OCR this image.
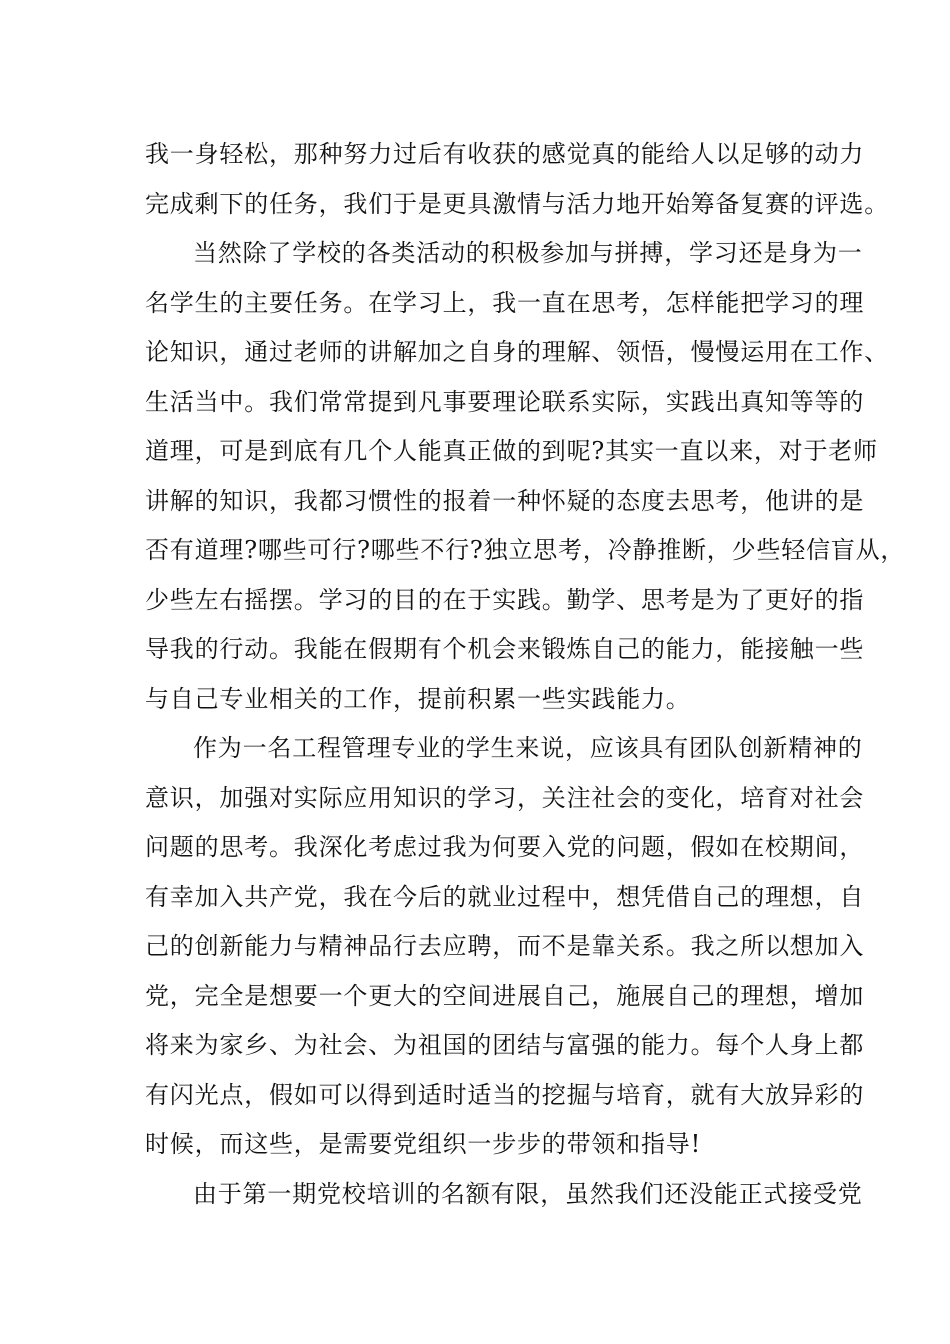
我一身轻松，那种努力过后有收获的感觉真的能给人以足够的动力
完成剩下的任务，我们于是更具激情与活力地开始筹备复赛的评选。
当然除了学校的各类活动的积极参加与拼搏，学习还是身为一
名学生的主要任务。在学习上，我一直在思考，怎样能把学习的理
论知识，通过老师的讲解加之自身的理解、领悟，慢慢运用在工作、
生活当中。我们常常提到凡事要理论联系实际，实践出真知等等的
道理，可是到底有几个人能真正做的到呢?其实一直以来，对于老师
讲解的知识，我都习惯性的报着一种怀疑的态度去思考，他讲的是
否有道理?哪些可行?哪些不行?独立思考，冷静推断，少些轻信盲从，
少些左右摇摆。学习的目的在于实践。勤学、思考是为了更好的指
导我的行动。我能在假期有个机会来锻炼自己的能力，能接触一些
与自己专业相关的工作，提前积累一些实践能力。
作为一名工程管理专业的学生来说，应该具有团队创新精神的
意识，加强对实际应用知识的学习，关注社会的变化，培育对社会
问题的思考。我深化考虑过我为何要入党的问题，假如在校期间，
有幸加入共产党，我在今后的就业过程中，想凭借自己的理想，自
己的创新能力与精神品行去应聘，而不是靠关系。我之所以想加入
党，完全是想要一个更大的空间进展自己，施展自己的理想，增加
将来为家乡、为社会、为祖国的团结与富强的能力。每个人身上都
有闪光点，假如可以得到适时适当的挖掘与培育，就有大放异彩的
时候，而这些，是需要党组织一步步的带领和指导!
由于第一期党校培训的名额有限，虽然我们还没能正式接受党
